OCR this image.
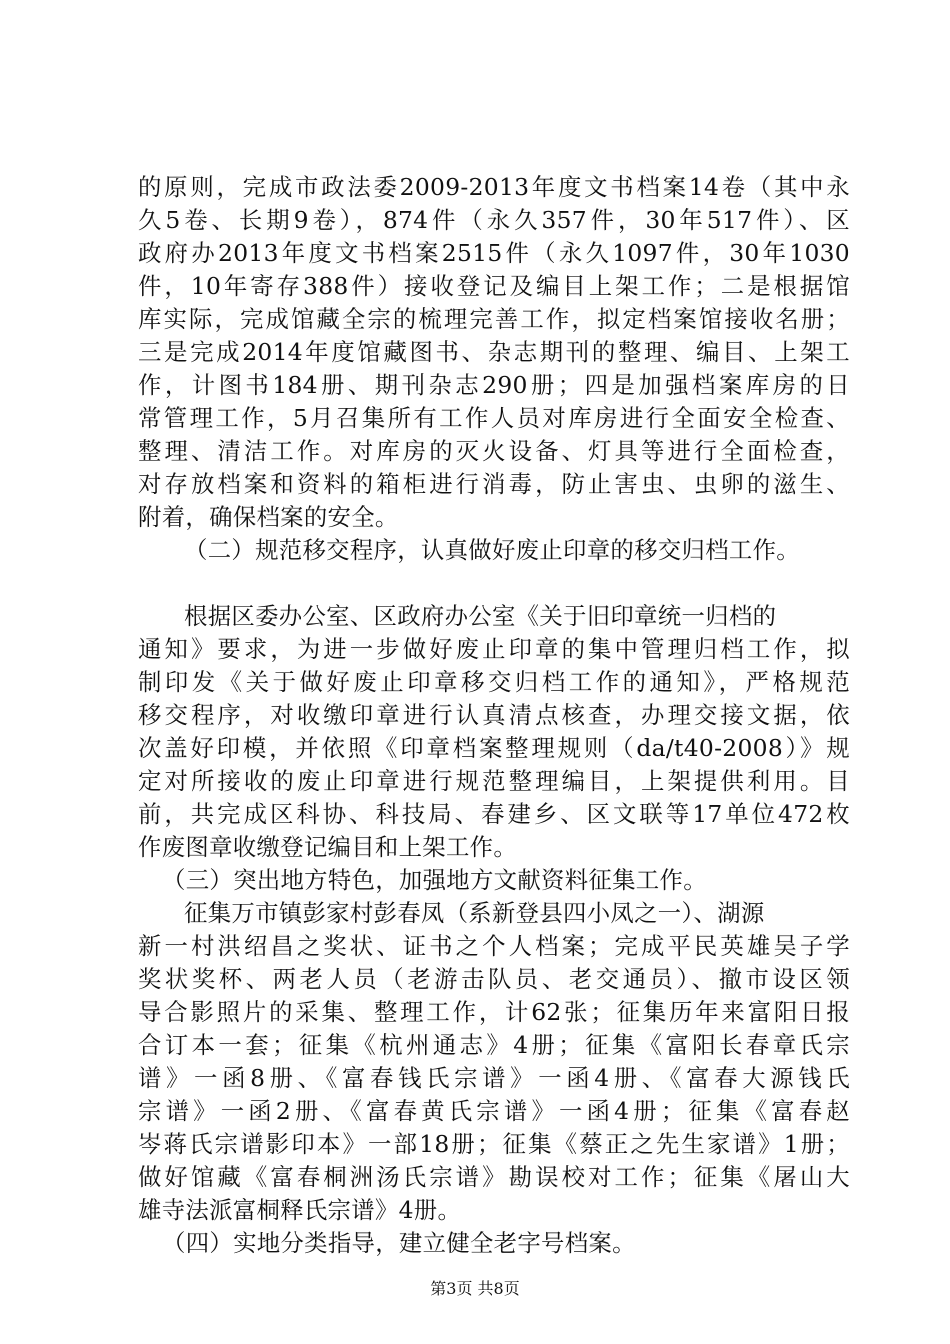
的原则，完成市政法委2009-2013年度文书档案14卷（其中永
久5卷、长期9卷），874件（永久357件，30年517件）、区
政府办2013年度文书档案2515件（永久1097件，30年1030
件，10年寄存388件）接收登记及编目上架工作；二是根据馆
库实际，完成馆藏全宗的梳理完善工作，拟定档案馆接收名册；
三是完成2014年度馆藏图书、杂志期刊的整理、编目、上架工
作，计图书184册、期刊杂志290册；四是加强档案库房的日
常管理工作，5月召集所有工作人员对库房进行全面安全检查、
整理、清洁工作。对库房的灭火设备、灯具等进行全面检查，
对存放档案和资料的箱柜进行消毒，防止害虫、虫卵的滋生、
附着，确保档案的安全。
（二）规范移交程序，认真做好废止印章的移交归档工作。
根据区委办公室、区政府办公室《关于旧印章统一归档的
通知》要求，为进一步做好废止印章的集中管理归档工作，拟
制印发《关于做好废止印章移交归档工作的通知》，严格规范
移交程序，对收缴印章进行认真清点核查，办理交接文据，依
次盖好印模，并依照《印章档案整理规则（da/t40-2008）》规
定对所接收的废止印章进行规范整理编目，上架提供利用。目
前，共完成区科协、科技局、春建乡、区文联等17单位472枚
作废图章收缴登记编目和上架工作。
（三）突出地方特色，加强地方文献资料征集工作。
征集万市镇彭家村彭春凤（系新登县四小凤之一）、湖源
新一村洪绍昌之奖状、证书之个人档案；完成平民英雄吴子学
奖状奖杯、两老人员（老游击队员、老交通员）、撤市设区领
导合影照片的采集、整理工作，计62张；征集历年来富阳日报
合订本一套；征集《杭州通志》4册；征集《富阳长春章氏宗
谱》一函8册、《富春钱氏宗谱》一函4册、《富春大源钱氏
宗谱》一函2册、《富春黄氏宗谱》一函4册；征集《富春赵
岑蒋氏宗谱影印本》一部18册；征集《蔡正之先生家谱》1册；
做好馆藏《富春桐洲汤氏宗谱》勘误校对工作；征集《屠山大
雄寺法派富桐释氏宗谱》4册。
（四）实地分类指导，建立健全老字号档案。
第3页 共8页
